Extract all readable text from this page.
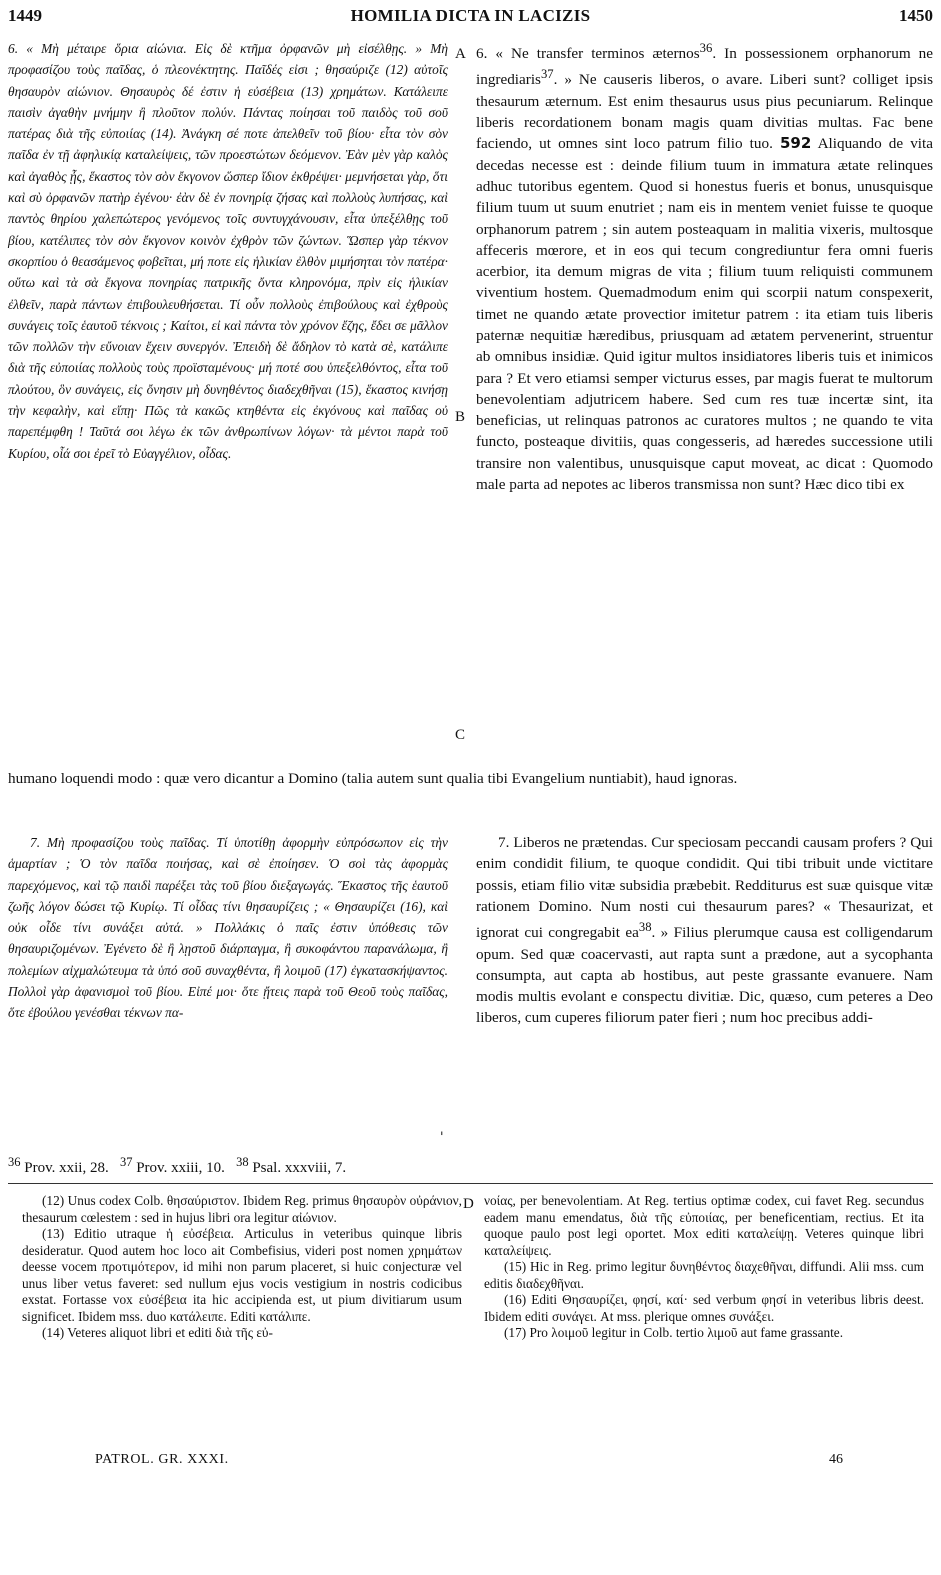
1449	HOMILIA DICTA IN LACIZIS	1450

6. « Μὴ μέταιρε ὅρια αἰώνια. Εἰς δὲ κτῆμα ὀρφανῶν μὴ εἰσέλθῃς. » Μὴ προφασίζου τοὺς παῖδας, ὁ πλεονέκτητης. Παῖδές εἰσι ; θησαύριζε (12) αὐτοῖς θησαυρὸν αἰώνιον. Θησαυρὸς δέ ἐστιν ἡ εὐσέβεια (13) χρημάτων. Κατάλειπε παισὶν ἀγαθὴν μνήμην ἢ πλοῦτον πολύν. Πάντας ποίησαι τοῦ παιδὸς τοῦ σοῦ πατέρας διὰ τῆς εὐποιίας (14). Ἀνάγκη σέ ποτε ἀπελθεῖν τοῦ βίου· εἶτα τὸν σὸν παῖδα ἐν τῇ ἀφηλικίᾳ καταλείψεις, τῶν προεστώτων δεόμενον. Ἐὰν μὲν γὰρ καλὸς καὶ ἀγαθὸς ᾖς, ἕκαστος τὸν σὸν ἔκγονον ὥσπερ ἴδιον ἐκθρέψει· μεμνήσεται γὰρ, ὅτι καὶ σὺ ὀρφανῶν πατὴρ ἐγένου· ἐὰν δὲ ἐν πονηρίᾳ ζήσας καὶ πολλοὺς λυπήσας, καὶ παντὸς θηρίου χαλεπώτερος γενόμενος τοῖς συντυγχάνουσιν, εἶτα ὑπεξέλθῃς τοῦ βίου, κατέλιπες τὸν σὸν ἔκγονον κοινὸν ἐχθρὸν τῶν ζώντων. Ὥσπερ γὰρ τέκνον σκορπίου ὁ θεασάμενος φοβεῖται, μή ποτε εἰς ἡλικίαν ἐλθὸν μιμήσηται τὸν πατέρα· οὕτω καὶ τὰ σὰ ἔκγονα πονηρίας πατρικῆς ὄντα κληρονόμα, πρὶν εἰς ἡλικίαν ἐλθεῖν, παρὰ πάντων ἐπιβουλευθήσεται. Τί οὖν πολλοὺς ἐπιβούλους καὶ ἐχθροὺς συνάγεις τοῖς ἑαυτοῦ τέκνοις ; Καίτοι, εἰ καὶ πάντα τὸν χρόνον ἔζης, ἔδει σε μᾶλλον τῶν πολλῶν τὴν εὔνοιαν ἔχειν συνεργόν. Ἐπειδὴ δὲ ἄδηλον τὸ κατὰ σὲ, κατάλιπε διὰ τῆς εὐποιίας πολλοὺς τοὺς προϊσταμένους· μή ποτέ σου ὑπεξελθόντος, εἶτα τοῦ πλούτου, ὃν συνάγεις, εἰς ὄνησιν μὴ δυνηθέντος διαδεχθῆναι (15), ἕκαστος κινήσῃ τὴν κεφαλὴν, καὶ εἴπῃ· Πῶς τὰ κακῶς κτηθέντα εἰς ἐκγόνους καὶ παῖδας οὐ παρεπέμφθη ! Ταῦτά σοι λέγω ἐκ τῶν ἀνθρωπίνων λόγων· τὰ μέντοι παρὰ τοῦ Κυρίου, οἷά σοι ἐρεῖ τὸ Εὐαγγέλιον, οἶδας.

6. « Ne transfer terminos æternos$^{36}$. In possessionem orphanorum ne ingrediaris$^{37}$. » Ne causeris liberos, o avare. Liberi sunt? colliget ipsis thesaurum æternum. Est enim thesaurus usus pius pecuniarum. Relinque liberis recordationem bonam magis quam divitias multas. Fac bene faciendo, ut omnes sint loco patrum filio tuo. 592 Aliquando de vita decedas necesse est : deinde filium tuum in immatura ætate relinques adhuc tutoribus egentem. Quod si honestus fueris et bonus, unusquisque filium tuum ut suum enutriet ; nam eis in mentem veniet fuisse te quoque orphanorum patrem ; sin autem posteaquam in malitia vixeris, multosque affeceris mœrore, et in eos qui tecum congrediuntur fera omni fueris acerbior, ita demum migras de vita ; filium tuum reliquisti communem viventium hostem. Quemadmodum enim qui scorpii natum conspexerit, timet ne quando ætate provectior imitetur patrem : ita etiam tuis liberis paternæ nequitiæ hæredibus, priusquam ad ætatem pervenerint, struentur ab omnibus insidiæ. Quid igitur multos insidiatores liberis tuis et inimicos para ? Et vero etiamsi semper victurus esses, par magis fuerat te multorum benevolentiam adjutricem habere. Sed cum res tuæ incertæ sint, ita beneficias, ut relinquas patronos ac curatores multos ; ne quando te vita functo, posteaque divitiis, quas congesseris, ad hæredes successione utili transire non valentibus, unusquisque caput moveat, ac dicat : Quomodo male parta ad nepotes ac liberos transmissa non sunt? Hæc dico tibi ex

A
B
C

humano loquendi modo : quæ vero dicantur a Domino (talia autem sunt qualia tibi Evangelium nuntiabit), haud ignoras.

7. Μὴ προφασίζου τοὺς παῖδας. Τί ὑποτίθῃ ἀφορμὴν εὐπρόσωπον εἰς τὴν ἁμαρτίαν ; Ὁ τὸν παῖδα ποιήσας, καὶ σὲ ἐποίησεν. Ὁ σοὶ τὰς ἀφορμὰς παρεχόμενος, καὶ τῷ παιδὶ παρέξει τὰς τοῦ βίου διεξαγωγάς. Ἕκαστος τῆς ἑαυτοῦ ζωῆς λόγον δώσει τῷ Κυρίῳ. Τί οἶδας τίνι θησαυρίζεις ; « Θησαυρίζει (16), καὶ οὐκ οἶδε τίνι συνάξει αὐτά. » Πολλάκις ὁ παῖς ἐστιν ὑπόθεσις τῶν θησαυριζομένων. Ἐγένετο δὲ ἢ λῃστοῦ διάρπαγμα, ἢ συκοφάντου παρανάλωμα, ἢ πολεμίων αἰχμαλώτευμα τὰ ὑπό σοῦ συναχθέντα, ἢ λοιμοῦ (17) ἐγκατασκήψαντος. Πολλοὶ γὰρ ἀφανισμοὶ τοῦ βίου. Εἰπέ μοι· ὅτε ᾔτεις παρὰ τοῦ Θεοῦ τοὺς παῖδας, ὅτε ἐβούλου γενέσθαι τέκνων πα-

7. Liberos ne prætendas. Cur speciosam peccandi causam profers ? Qui enim condidit filium, te quoque condidit. Qui tibi tribuit unde victitare possis, etiam filio vitæ subsidia præbebit. Redditurus est suæ quisque vitæ rationem Domino. Num nosti cui thesaurum pares? « Thesaurizat, et ignorat cui congregabit $ea^{38}$. » Filius plerumque causa est colligendarum opum. Sed quæ coacervasti, aut rapta sunt a prædone, aut a sycophanta consumpta, aut capta ab hostibus, aut peste grassante evanuere. Nam modis multis evolant e conspectu divitiæ. Dic, quæso, cum peteres a Deo liberos, cum cuperes filiorum pater fieri ; num hoc precibus addi-

'
$^{36}$ Prov. xxii, 28. $^{37}$ Prov. xxiii, 10. $^{38}$ Psal. xxxviii, 7.
D

(12) Unus codex Colb. θησαύριστον. Ibidem Reg. primus θησαυρὸν οὐράνιον, thesaurum cœlestem : sed in hujus libri ora legitur αἰώνιον.

(13) Editio utraque ἡ εὐσέβεια. Articulus in veteribus quinque libris desideratur. Quod autem hoc loco ait Combefisius, videri post nomen χρημάτων deesse vocem προτιμότερον, id mihi non parum placeret, si huic conjecturæ vel unus liber vetus faveret: sed nullum ejus vocis vestigium in nostris codicibus exstat. Fortasse vox εὐσέβεια ita hic accipienda est, ut pium divitiarum usum significet. Ibidem mss. duo κατάλειπε. Editi κατάλιπε.

(14) Veteres aliquot libri et editi διὰ τῆς εὐ-

νοίας, per benevolentiam. At Reg. tertius optimæ codex, cui favet Reg. secundus eadem manu emendatus, διὰ τῆς εὐποιίας, per beneficentiam, rectius. Et ita quoque paulo post legi oportet. Mox editi καταλείψῃ. Veteres quinque libri καταλείψεις.

(15) Hic in Reg. primo legitur δυνηθέντος διαχεθῆναι, diffundi. Alii mss. cum editis διαδεχθῆναι.

(16) Editi Θησαυρίζει, φησί, καί· sed verbum φησί in veteribus libris deest. Ibidem editi συνάγει. At mss. plerique omnes συνάξει.

(17) Pro λοιμοῦ legitur in Colb. tertio λιμοῦ aut fame grassante.

PATROL. GR. XXXI.	46
